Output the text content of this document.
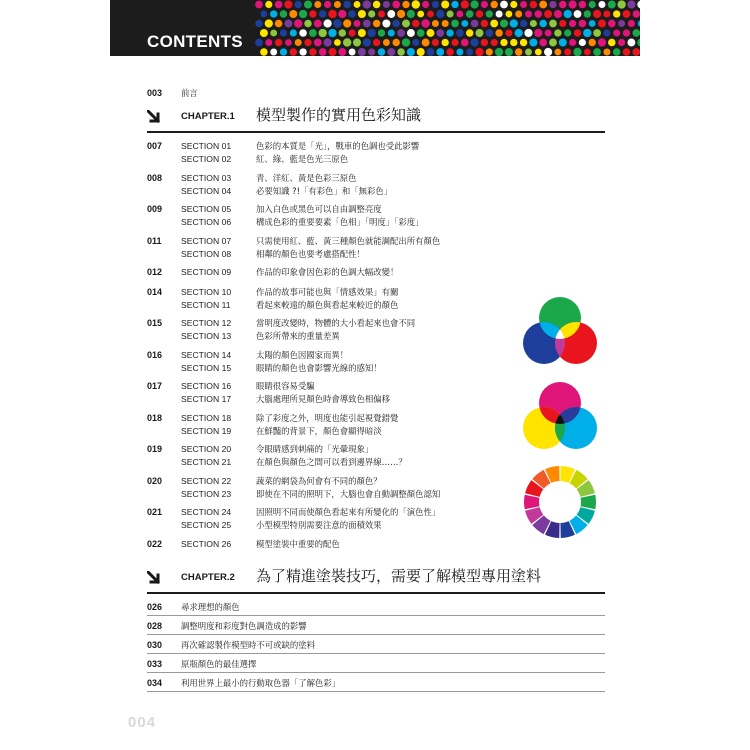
CONTENTS
003 前言
CHAPTER.1 模型製作的實用色彩知識
007 SECTION 01
SECTION 02
色彩的本質是「光」，戰車的色調也受此影響
紅、綠、藍是色光三原色
008 SECTION 03
SECTION 04
青、洋紅、黃是色彩三原色
必要知識 ?!「有彩色」和「無彩色」
009 SECTION 05
SECTION 06
加入白色或黑色可以自由調整亮度
構成色彩的重要要素「色相」「明度」「彩度」
011 SECTION 07
SECTION 08
只需使用紅、藍、黃三種顏色就能調配出所有顏色
相鄰的顏色也要考慮搭配性！
012 SECTION 09	作品的印象會因色彩的色調大幅改變！
014 SECTION 10
SECTION 11
作品的故事可能也與「情感效果」有關
看起來較遠的顏色與看起來較近的顏色
015 SECTION 12
SECTION 13
當明度改變時，物體的大小看起來也會不同
色彩所帶來的重量差異
016 SECTION 14
SECTION 15
太陽的顏色因國家而異！
眼睛的顏色也會影響光線的感知！
017 SECTION 16
SECTION 17
眼睛很容易受騙
大腦處理所見顏色時會導致色相偏移
018 SECTION 18
SECTION 19
除了彩度之外，明度也能引起視覺錯覺
在鮮豔的背景下，顏色會顯得暗淡
019 SECTION 20
SECTION 21
令眼睛感到刺痛的「光暈現象」
在顏色與顏色之間可以看到邊界線……？
020 SECTION 22
SECTION 23
蔬菜的網袋為何會有不同的顏色？
即使在不同的照明下，大腦也會自動調整顏色認知
021 SECTION 24
SECTION 25
因照明不同而使顏色看起來有所變化的「演色性」
小型模型特別需要注意的面積效果
022 SECTION 26	模型塗裝中重要的配色
CHAPTER.2 為了精進塗裝技巧，需要了解模型專用塗料
026 尋求理想的顏色
028 調整明度和彩度對色調造成的影響
030 再次確認製作模型時不可或缺的塗料
033 原瓶顏色的最佳選擇
034 利用世界上最小的行動取色器「了解色彩」
004
